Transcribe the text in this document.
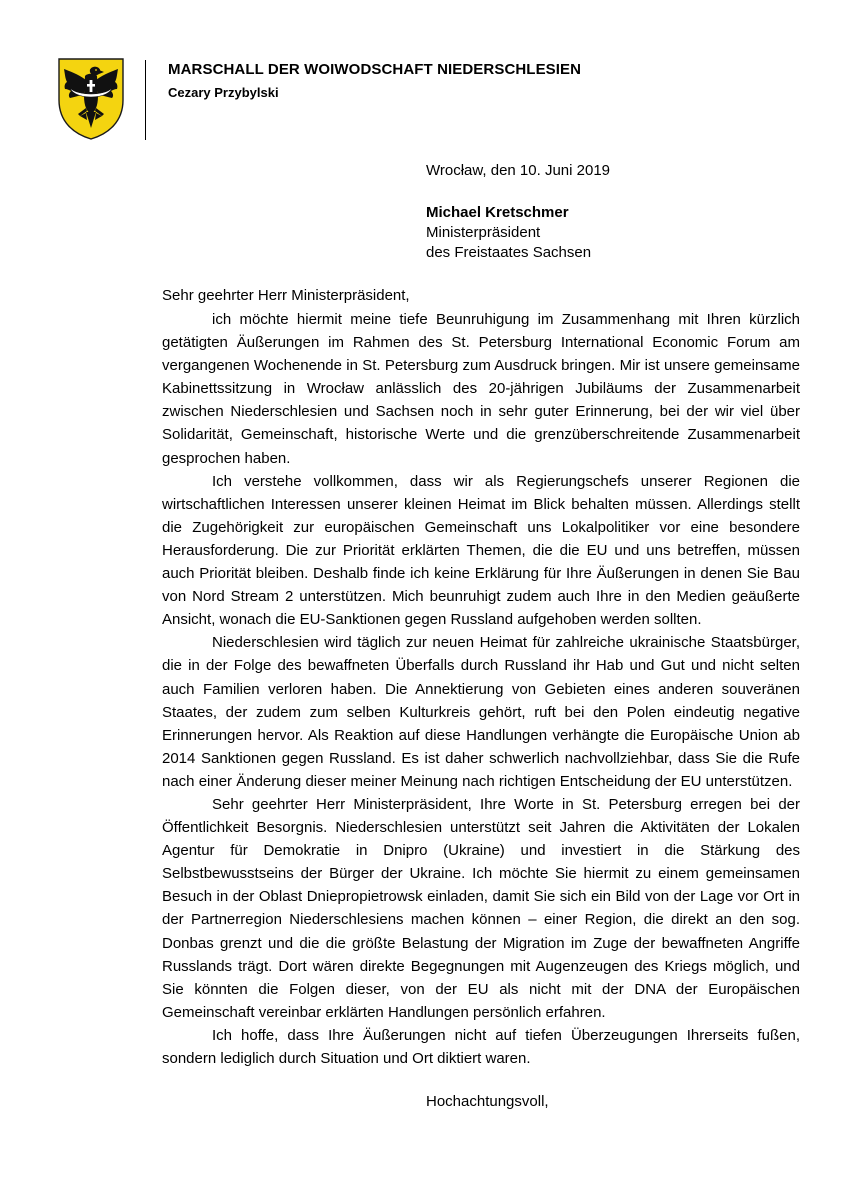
MARSCHALL DER WOIWODSCHAFT NIEDERSCHLESIEN
Cezary Przybylski
Wrocław, den 10. Juni 2019
Michael Kretschmer
Ministerpräsident
des Freistaates Sachsen
Sehr geehrter Herr Ministerpräsident,

ich möchte hiermit meine tiefe Beunruhigung im Zusammenhang mit Ihren kürzlich getätigten Äußerungen im Rahmen des St. Petersburg International Economic Forum am vergangenen Wochenende in St. Petersburg zum Ausdruck bringen. Mir ist unsere gemeinsame Kabinettssitzung in Wrocław anlässlich des 20-jährigen Jubiläums der Zusammenarbeit zwischen Niederschlesien und Sachsen noch in sehr guter Erinnerung, bei der wir viel über Solidarität, Gemeinschaft, historische Werte und die grenzüberschreitende Zusammenarbeit gesprochen haben.

Ich verstehe vollkommen, dass wir als Regierungschefs unserer Regionen die wirtschaftlichen Interessen unserer kleinen Heimat im Blick behalten müssen. Allerdings stellt die Zugehörigkeit zur europäischen Gemeinschaft uns Lokalpolitiker vor eine besondere Herausforderung. Die zur Priorität erklärten Themen, die die EU und uns betreffen, müssen auch Priorität bleiben. Deshalb finde ich keine Erklärung für Ihre Äußerungen in denen Sie Bau von Nord Stream 2 unterstützen. Mich beunruhigt zudem auch Ihre in den Medien geäußerte Ansicht, wonach die EU-Sanktionen gegen Russland aufgehoben werden sollten.

Niederschlesien wird täglich zur neuen Heimat für zahlreiche ukrainische Staatsbürger, die in der Folge des bewaffneten Überfalls durch Russland ihr Hab und Gut und nicht selten auch Familien verloren haben. Die Annektierung von Gebieten eines anderen souveränen Staates, der zudem zum selben Kulturkreis gehört, ruft bei den Polen eindeutig negative Erinnerungen hervor. Als Reaktion auf diese Handlungen verhängte die Europäische Union ab 2014 Sanktionen gegen Russland. Es ist daher schwerlich nachvollziehbar, dass Sie die Rufe nach einer Änderung dieser meiner Meinung nach richtigen Entscheidung der EU unterstützen.

Sehr geehrter Herr Ministerpräsident, Ihre Worte in St. Petersburg erregen bei der Öffentlichkeit Besorgnis. Niederschlesien unterstützt seit Jahren die Aktivitäten der Lokalen Agentur für Demokratie in Dnipro (Ukraine) und investiert in die Stärkung des Selbstbewusstseins der Bürger der Ukraine. Ich möchte Sie hiermit zu einem gemeinsamen Besuch in der Oblast Dniepropietrowsk einladen, damit Sie sich ein Bild von der Lage vor Ort in der Partnerregion Niederschlesiens machen können – einer Region, die direkt an den sog. Donbas grenzt und die die größte Belastung der Migration im Zuge der bewaffneten Angriffe Russlands trägt. Dort wären direkte Begegnungen mit Augenzeugen des Kriegs möglich, und Sie könnten die Folgen dieser, von der EU als nicht mit der DNA der Europäischen Gemeinschaft vereinbar erklärten Handlungen persönlich erfahren.

Ich hoffe, dass Ihre Äußerungen nicht auf tiefen Überzeugungen Ihrerseits fußen, sondern lediglich durch Situation und Ort diktiert waren.

Hochachtungsvoll,
